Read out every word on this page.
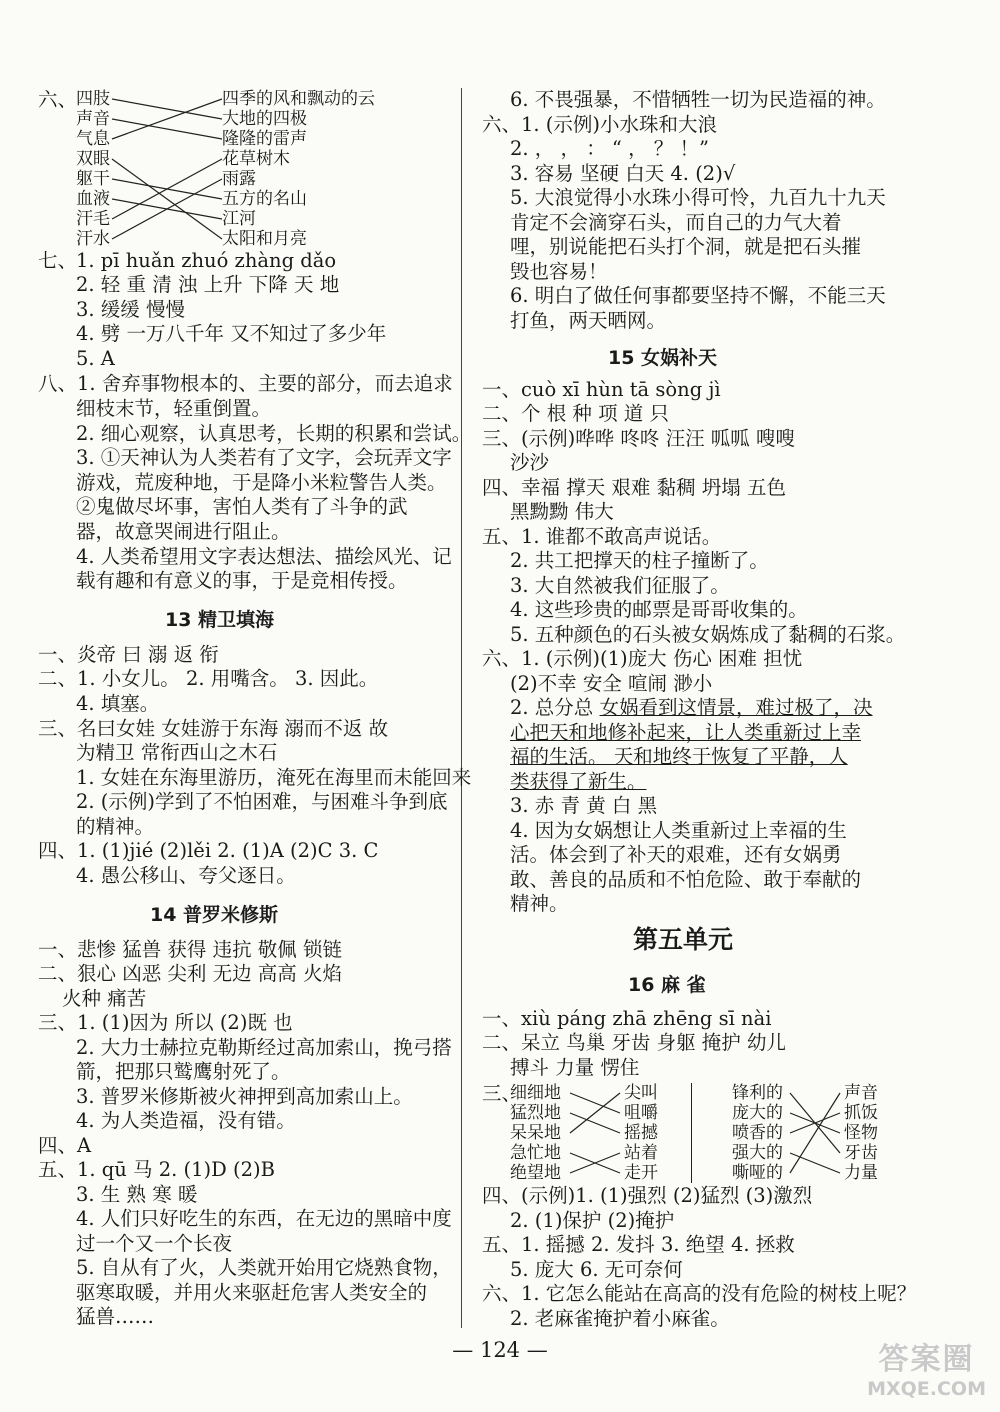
六、
四肢
声音
气息
双眼
躯干
血液
汗毛
汗水
四季的风和飘动的云
大地的四极
隆隆的雷声
花草树木
雨露
五方的名山
江河
太阳和月亮
七、
1. pī huǎn zhuó zhàng dǎo
2. 轻 重 清 浊 上升 下降 天 地
3. 缓缓 慢慢
4. 劈 一万八千年 又不知过了多少年
5. A
八、1. 舍弃事物根本的、主要的部分，而去追求
细枝末节，轻重倒置。
2. 细心观察，认真思考，长期的积累和尝试。
3. ①天神认为人类若有了文字，会玩弄文字
游戏，荒废种地，于是降小米粒警告人类。
②鬼做尽坏事，害怕人类有了斗争的武
器，故意哭闹进行阻止。
4. 人类希望用文字表达想法、描绘风光、记
载有趣和有意义的事，于是竞相传授。
13 精卫填海
一、炎帝 曰 溺 返 衔
二、1. 小女儿。 2. 用嘴含。 3. 因此。
4. 填塞。
三、名曰女娃 女娃游于东海 溺而不返 故
为精卫 常衔西山之木石
1. 女娃在东海里游历，淹死在海里而未能回来
2. (示例)学到了不怕困难，与困难斗争到底
的精神。
四、1. (1)jié (2)lěi 2. (1)A (2)C 3. C
4. 愚公移山、夸父逐日。
14 普罗米修斯
一、悲惨 猛兽 获得 违抗 敬佩 锁链
二、狠心 凶恶 尖利 无边 高高 火焰
火种 痛苦
三、1. (1)因为 所以 (2)既 也
2. 大力士赫拉克勒斯经过高加索山，挽弓搭
箭，把那只鹫鹰射死了。
3. 普罗米修斯被火神押到高加索山上。
4. 为人类造福，没有错。
四、A
五、1. qū 马 2. (1)D (2)B
3. 生 熟 寒 暖
4. 人们只好吃生的东西，在无边的黑暗中度
过一个又一个长夜
5. 自从有了火，人类就开始用它烧熟食物，
驱寒取暖，并用火来驱赶危害人类安全的
猛兽……
6. 不畏强暴，不惜牺牲一切为民造福的神。
六、1. (示例)小水珠和大浪
2. ， ， ： “ ， ？ ！”
3. 容易 坚硬 白天 4. (2)√
5. 大浪觉得小水珠小得可怜，九百九十九天
肯定不会滴穿石头，而自己的力气大着
哩，别说能把石头打个洞，就是把石头摧
毁也容易！
6. 明白了做任何事都要坚持不懈，不能三天
打鱼，两天晒网。
15 女娲补天
一、cuò xī hùn tā sòng jì
二、个 根 种 项 道 只
三、(示例)哗哗 咚咚 汪汪 呱呱 嗖嗖
沙沙
四、幸福 撑天 艰难 黏稠 坍塌 五色
黑黝黝 伟大
五、1. 谁都不敢高声说话。
2. 共工把撑天的柱子撞断了。
3. 大自然被我们征服了。
4. 这些珍贵的邮票是哥哥收集的。
5. 五种颜色的石头被女娲炼成了黏稠的石浆。
六、1. (示例)(1)庞大 伤心 困难 担忧
(2)不幸 安全 喧闹 渺小
2. 总分总 女娲看到这情景，难过极了，决
心把天和地修补起来，让人类重新过上幸
福的生活。 天和地终于恢复了平静，人
类获得了新生。
3. 赤 青 黄 白 黑
4. 因为女娲想让人类重新过上幸福的生
活。体会到了补天的艰难，还有女娲勇
敢、善良的品质和不怕危险、敢于奉献的
精神。
第五单元
16 麻 雀
一、xiù páng zhā zhēng sī nài
二、呆立 鸟巢 牙齿 身躯 掩护 幼儿
搏斗 力量 愣住
三、
细细地
猛烈地
呆呆地
急忙地
绝望地
尖叫
咀嚼
摇撼
站着
走开
锋利的
庞大的
喷香的
强大的
嘶哑的
声音
抓饭
怪物
牙齿
力量
四、(示例)1. (1)强烈 (2)猛烈 (3)激烈
2. (1)保护 (2)掩护
五、1. 摇撼 2. 发抖 3. 绝望 4. 拯救
5. 庞大 6. 无可奈何
六、1. 它怎么能站在高高的没有危险的树枝上呢？
2. 老麻雀掩护着小麻雀。
— 124 —	答案圈
MXQE.COM
